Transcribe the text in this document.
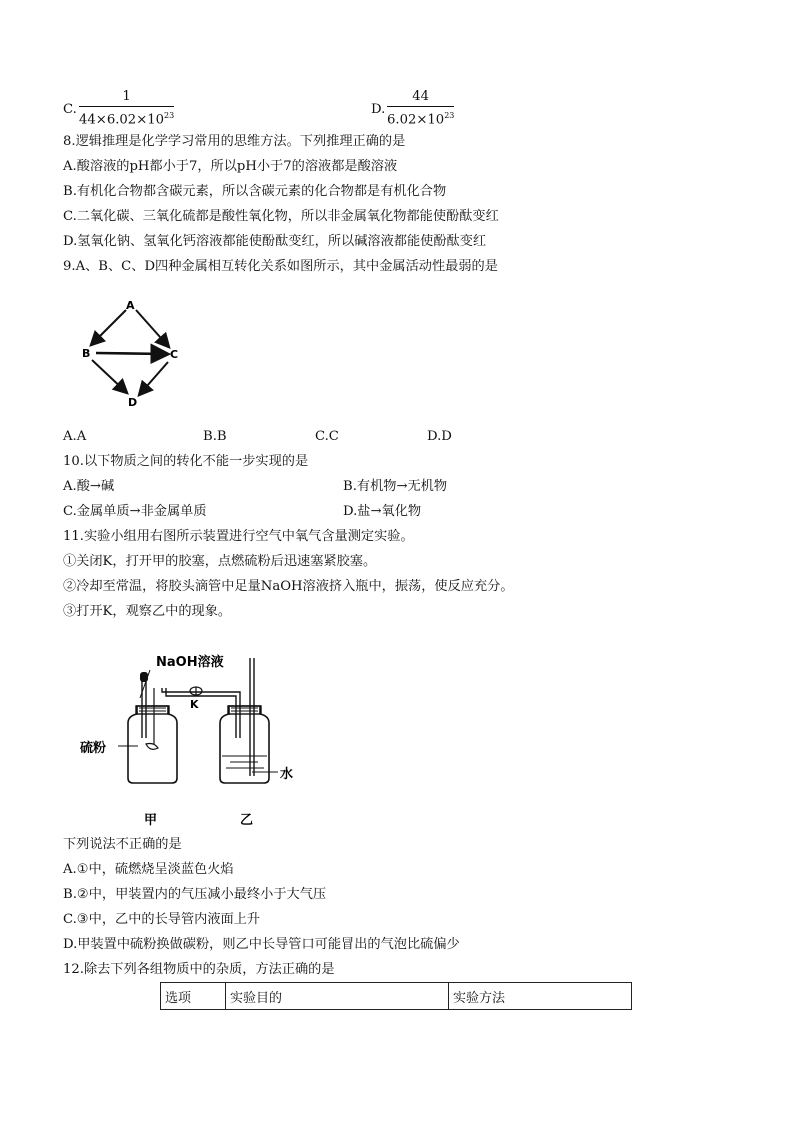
C.
1
$44\times 6.02\times 10^{23}$	D.
44
$6.02\times 10^{23}$
8.逻辑推理是化学学习常用的思维方法。下列推理正确的是
A.酸溶液的pH都小于7，所以pH小于7的溶液都是酸溶液
B.有机化合物都含碳元素，所以含碳元素的化合物都是有机化合物
C.二氧化碳、三氧化硫都是酸性氧化物，所以非金属氧化物都能使酚酞变红
D.氢氧化钠、氢氧化钙溶液都能使酚酞变红，所以碱溶液都能使酚酞变红
9.A、B、C、D四种金属相互转化关系如图所示，其中金属活动性最弱的是
A
B	C
D
A.A	B.B	C.C	D.D
10.以下物质之间的转化不能一步实现的是
A.酸→碱	B.有机物→无机物
C.金属单质→非金属单质	D.盐→氧化物
11.实验小组用右图所示装置进行空气中氧气含量测定实验。
①关闭K，打开甲的胶塞，点燃硫粉后迅速塞紧胶塞。
②冷却至常温，将胶头滴管中足量NaOH溶液挤入瓶中，振荡，使反应充分。
③打开K，观察乙中的现象。
NaOH溶液
K
硫粉
水
甲	乙
下列说法不正确的是
A.①中，硫燃烧呈淡蓝色火焰
B.②中，甲装置内的气压减小最终小于大气压
C.③中，乙中的长导管内液面上升
D.甲装置中硫粉换做碳粉，则乙中长导管口可能冒出的气泡比硫偏少
12.除去下列各组物质中的杂质，方法正确的是
选项	实验目的	实验方法
